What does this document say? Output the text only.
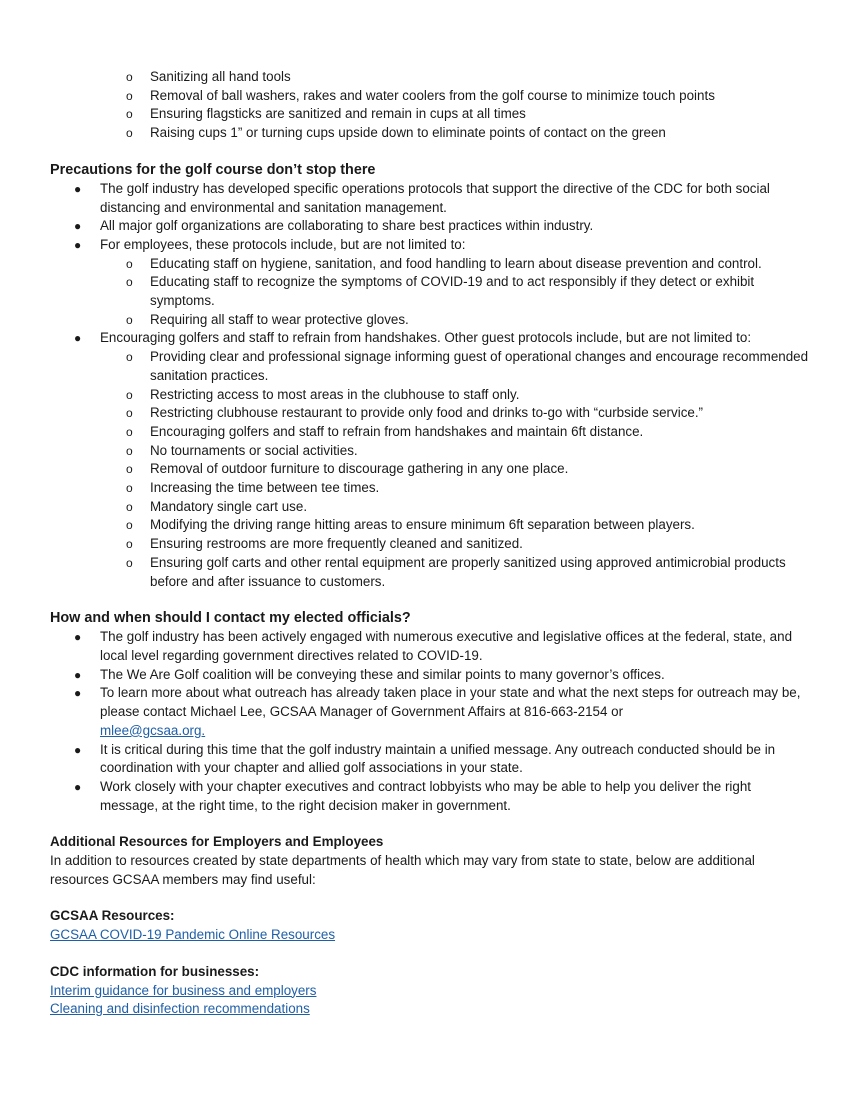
o Sanitizing all hand tools
o Removal of ball washers, rakes and water coolers from the golf course to minimize touch points
o Ensuring flagsticks are sanitized and remain in cups at all times
o Raising cups 1” or turning cups upside down to eliminate points of contact on the green
Precautions for the golf course don’t stop there
● The golf industry has developed specific operations protocols that support the directive of the CDC for both social distancing and environmental and sanitation management.
● All major golf organizations are collaborating to share best practices within industry.
● For employees, these protocols include, but are not limited to:
o Educating staff on hygiene, sanitation, and food handling to learn about disease prevention and control.
o Educating staff to recognize the symptoms of COVID-19 and to act responsibly if they detect or exhibit symptoms.
o Requiring all staff to wear protective gloves.
● Encouraging golfers and staff to refrain from handshakes. Other guest protocols include, but are not limited to:
o Providing clear and professional signage informing guest of operational changes and encourage recommended sanitation practices.
o Restricting access to most areas in the clubhouse to staff only.
o Restricting clubhouse restaurant to provide only food and drinks to-go with “curbside service.”
o Encouraging golfers and staff to refrain from handshakes and maintain 6ft distance.
o No tournaments or social activities.
o Removal of outdoor furniture to discourage gathering in any one place.
o Increasing the time between tee times.
o Mandatory single cart use.
o Modifying the driving range hitting areas to ensure minimum 6ft separation between players.
o Ensuring restrooms are more frequently cleaned and sanitized.
o Ensuring golf carts and other rental equipment are properly sanitized using approved antimicrobial products before and after issuance to customers.
How and when should I contact my elected officials?
● The golf industry has been actively engaged with numerous executive and legislative offices at the federal, state, and local level regarding government directives related to COVID-19.
● The We Are Golf coalition will be conveying these and similar points to many governor’s offices.
● To learn more about what outreach has already taken place in your state and what the next steps for outreach may be, please contact Michael Lee, GCSAA Manager of Government Affairs at 816-663-2154 or
mlee@gcsaa.org.
● It is critical during this time that the golf industry maintain a unified message. Any outreach conducted should be in coordination with your chapter and allied golf associations in your state.
● Work closely with your chapter executives and contract lobbyists who may be able to help you deliver the right message, at the right time, to the right decision maker in government.
Additional Resources for Employers and Employees

In addition to resources created by state departments of health which may vary from state to state, below are additional resources GCSAA members may find useful:

GCSAA Resources:
GCSAA COVID-19 Pandemic Online Resources
CDC information for businesses:
Interim guidance for business and employers
Cleaning and disinfection recommendations
